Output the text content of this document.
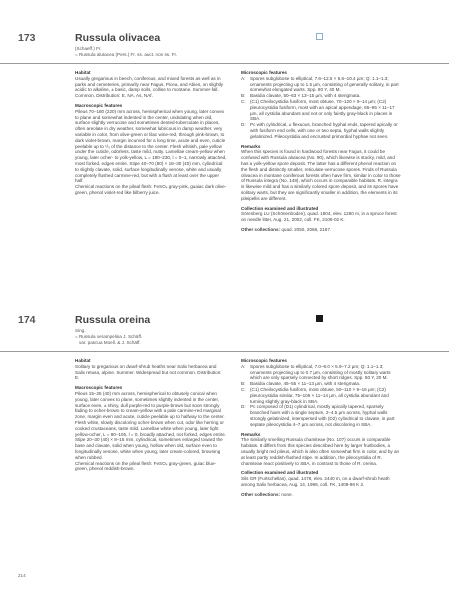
173	Russula olivacea
(Schaeff.) Fr.
= Russula alutacea (Pers.) Fr. ss. auct. non ss. Fr.
Habitat

Usually gregarious in beech, coniferous, and mixed forests as well as in parks and cemeteries, primarily near Fagus, Picea, and Abies, on slightly acidic to alkaline, ± basic, damp soils, colline to montane. Summer-fall. Common. Distribution: E, NA, As, NAf.

Macroscopic features

Pileus 70–180 (220) mm across, hemispherical when young, later convex to plane and somewhat indented in the center, undulating when old, surface slightly verrucose and sometimes dented-tuberculate in places, often areolate in dry weather, somewhat lubricous in damp weather, very variable in color, from olive-green or lilac wine-red, through pink-brown, to dark violet-brown, margin incurved for a long time, acute and even, cuticle peelable up to ¹/₃ of the distance to the center. Flesh whitish, pale yellow under the cuticle, odorless, taste mild, nutty. Lamellae cream-yellow when young, later ocher- to yolk-yellow, L = 190–230, l = 0–1, narrowly attached, most forked, edges entire. Stipe 40–70 (80) × 18–30 (40) mm, cylindrical to slightly clavate, solid, surface longitudinally venose, white and usually completely flushed carmine-red, but with a flush at least over the upper half.

Chemical reactions on the pileal flesh: FeSO₄ gray-pink, guaiac dark olive-green, phenol violet-red like bilberry juice.

Microscopic features
A:	Spores subglobose to elliptical, 7.6–12.5 × 6.6–10.4 µm; Q: 1.1–1.3; ornaments projecting up to 1.5 µm, consisting of generally solitary, in part somewhat elongated warts. Spp. 80 Y, 40 M.
B:	Basidia clavate, 50–63 × 13–15 µm, with 4 sterigmata.
C: (C1) Cheilocystidia fusiform, most obtuse, 70–120 × 9–14 µm; (C2) pleurocystidia fusiform, most with an apical appendage, 65–95 × 11–17 µm, all cystidia abundant and not or only faintly gray-black in places in SBA.
D: Pc with cylindrical, ± flexuous, branched hyphal ends, tapered apically or with fusiform end cells, with one or two septa, hyphal walls slightly gelatinized. Pileocystidia and encrusted primordial hyphae not seen.
Remarks

When this species is found in hardwood forests near Fagus, it could be confused with Russula alutacea (No. 90), which likewise is stocky, mild, and has a yolk-yellow spore deposit. The latter has a different phenol reaction on the flesh and distinctly smaller, reticulate-verrucose spores. Finds of Russula olivacea in montane coniferous forests often have firm, similar in color to those of Russula integra (No. 148), which occurs in comparable habitats. R. integra is likewise mild and has a similarly colored spore deposit, and its spores have solitary warts, but they are significantly smaller in addition, the elements in its pileipellis are different.

Collection examined and illustrated

Sörenberg LU (Schönenboden), quad. 1804, elev. 1260 m, in a spruce forest on needle litter, Aug. 21, 2002, coll. FK, 2108-02 K.

Other collections: quad. 2050, 2068, 2167.

174	Russula oreina
Sing.
= Russula xerampelina J. Schäff.
var. pascua Moell. & J. Schäff.
Habitat

Solitary to gregarious on dwarf-shrub heaths near Salix herbacea and Salix retusa, alpine. Summer. Widespread but not common. Distribution: E.

Macroscopic features

Pileus 15–25 (40) mm across, hemispherical to obtusely conical when young, later convex to plane, sometimes slightly indented in the center, surface even, ± shiny, dull purple-red to purple-brown but soon strongly fading to ocher-brown to cream-yellow with a pale carmine-red marginal zone, margin even and acute, cuticle peelable up to halfway to the center. Flesh white, slowly discoloring ocher-brown when cut, odor like herring or cooked crustaceans, taste mild. Lamellae white when young, later light yellow-ocher, L = 80–105, l = 0, broadly attached, not forked, edges entire. Stipe 20–30 (40) × 8–15 mm, cylindrical, sometimes enlarged toward the base and clavate, solid when young, hollow when old, surface even to longitudinally venose, white when young, later cream-colored, browning when rubbed.

Chemical reactions on the pileal flesh: FeSO₄ gray-green, guiac blue-green, phenol reddish-brown.

Microscopic features
A:	Spores subglobose to elliptical, 7.0–9.0 × 5.9–7.2 µm; Q: 1.1–1.3; ornaments projecting up to 0.7 µm, consisting of mostly solitary warts which are only sparsely connected by short ridges. Spp. 50 Y, 20 M.
B:	Basidia clavate, 45–55 × 11–13 µm, with 4 sterigmata.
C: (C1) Cheilocystidia fusiform, most obtuse, 50–110 × 9–16 µm; (C2) pleurocystidia similar, 75–105 × 11–14 µm, all cystidia abundant and turning slightly gray-black in SBA.
D: Pc composed of (D1) cylindrical, mostly apically tapered, sparsely branched hairs with a single septum, 2–4.5 µm across, hyphal walls strongly gelatinized, interspersed with (D2) cylindrical to clavate, in part septate pileocystidia 4–7 µm across, not discoloring in SBA.
Remarks

The similarly smelling Russula chamiteae (No. 107) occurs in comparable habitats. It differs from this species described here by larger fruitbodies, a usually bright red pileus, which is also often somewhat firm in color, and by an at least partly reddish-flushed stipe. In addition, the pileocystidia of R. chamiteae react positively to SBA, in contrast to those of R. oreina.

Collection examined and illustrated

Sils GR (Furtschellas), quad. 1478, elev. 2440 m, on a dwarf-shrub heath among Salix herbacea, Aug. 14, 1998, coll. FK, 1408-98 K 2.

Other collections: none.

214
